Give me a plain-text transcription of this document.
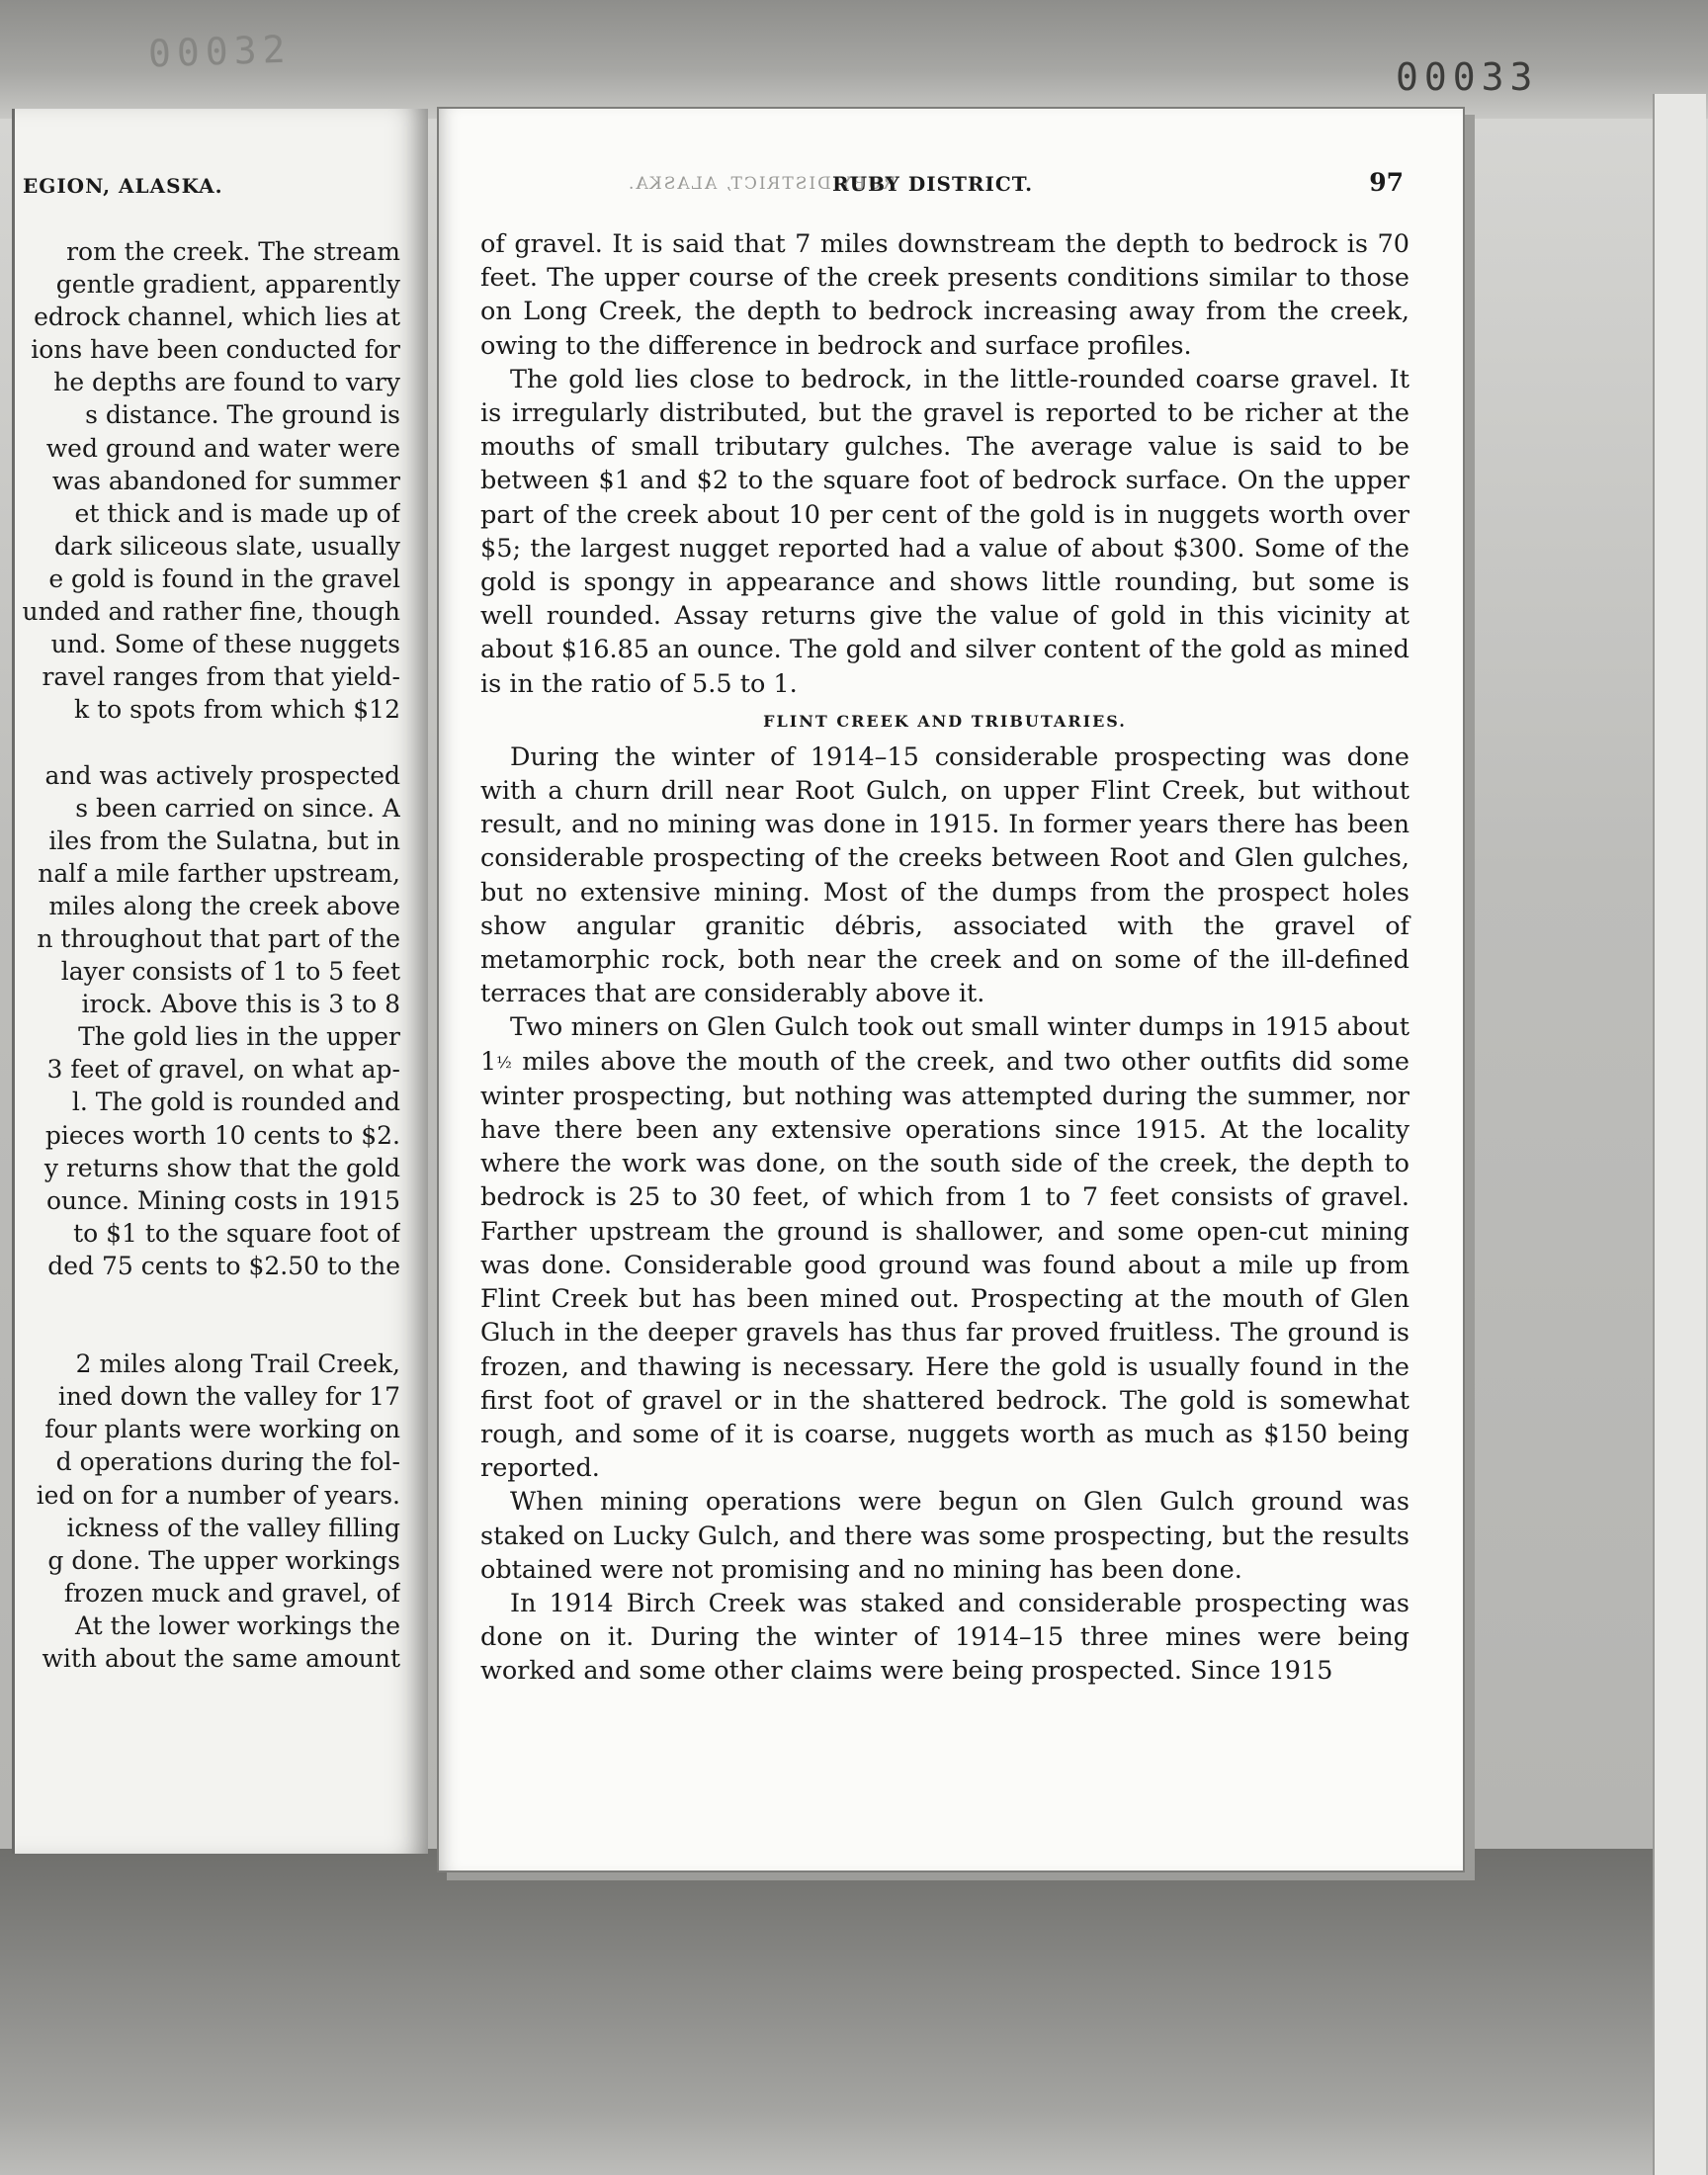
00032
00033
EGION, ALASKA.
rom the creek. The stream
gentle gradient, apparently
edrock channel, which lies at
ions have been conducted for
he depths are found to vary
s distance. The ground is
wed ground and water were
was abandoned for summer
et thick and is made up of
dark siliceous slate, usually
e gold is found in the gravel
unded and rather fine, though
und. Some of these nuggets
ravel ranges from that yield-
k to spots from which $12

and was actively prospected
s been carried on since. A
iles from the Sulatna, but in
nalf a mile farther upstream,
miles along the creek above
n throughout that part of the
layer consists of 1 to 5 feet
irock. Above this is 3 to 8
The gold lies in the upper
3 feet of gravel, on what ap-
l. The gold is rounded and
pieces worth 10 cents to $2.
y returns show that the gold
ounce. Mining costs in 1915
to $1 to the square foot of
ded 75 cents to $2.50 to the

2 miles along Trail Creek,
ined down the valley for 17
four plants were working on
d operations during the fol-
ied on for a number of years.
ickness of the valley filling
g done. The upper workings
frozen muck and gravel, of
At the lower workings the
with about the same amount
RUBY DISTRICT, ALASKA.
RUBY DISTRICT.	97

of gravel. It is said that 7 miles downstream the depth to bedrock is 70 feet. The upper course of the creek presents conditions similar to those on Long Creek, the depth to bedrock increasing away from the creek, owing to the difference in bedrock and surface profiles.

The gold lies close to bedrock, in the little-rounded coarse gravel. It is irregularly distributed, but the gravel is reported to be richer at the mouths of small tributary gulches. The average value is said to be between $1 and $2 to the square foot of bedrock surface. On the upper part of the creek about 10 per cent of the gold is in nuggets worth over $5; the largest nugget reported had a value of about $300. Some of the gold is spongy in appearance and shows little rounding, but some is well rounded. Assay returns give the value of gold in this vicinity at about $16.85 an ounce. The gold and silver content of the gold as mined is in the ratio of 5.5 to 1.

FLINT CREEK AND TRIBUTARIES.

During the winter of 1914–15 considerable prospecting was done with a churn drill near Root Gulch, on upper Flint Creek, but without result, and no mining was done in 1915. In former years there has been considerable prospecting of the creeks between Root and Glen gulches, but no extensive mining. Most of the dumps from the prospect holes show angular granitic débris, associated with the gravel of metamorphic rock, both near the creek and on some of the ill-defined terraces that are considerably above it.

Two miners on Glen Gulch took out small winter dumps in 1915 about 1½ miles above the mouth of the creek, and two other outfits did some winter prospecting, but nothing was attempted during the summer, nor have there been any extensive operations since 1915. At the locality where the work was done, on the south side of the creek, the depth to bedrock is 25 to 30 feet, of which from 1 to 7 feet consists of gravel. Farther upstream the ground is shallower, and some open-cut mining was done. Considerable good ground was found about a mile up from Flint Creek but has been mined out. Prospecting at the mouth of Glen Gluch in the deeper gravels has thus far proved fruitless. The ground is frozen, and thawing is necessary. Here the gold is usually found in the first foot of gravel or in the shattered bedrock. The gold is somewhat rough, and some of it is coarse, nuggets worth as much as $150 being reported.

When mining operations were begun on Glen Gulch ground was staked on Lucky Gulch, and there was some prospecting, but the results obtained were not promising and no mining has been done.

In 1914 Birch Creek was staked and considerable prospecting was done on it. During the winter of 1914–15 three mines were being worked and some other claims were being prospected. Since 1915
